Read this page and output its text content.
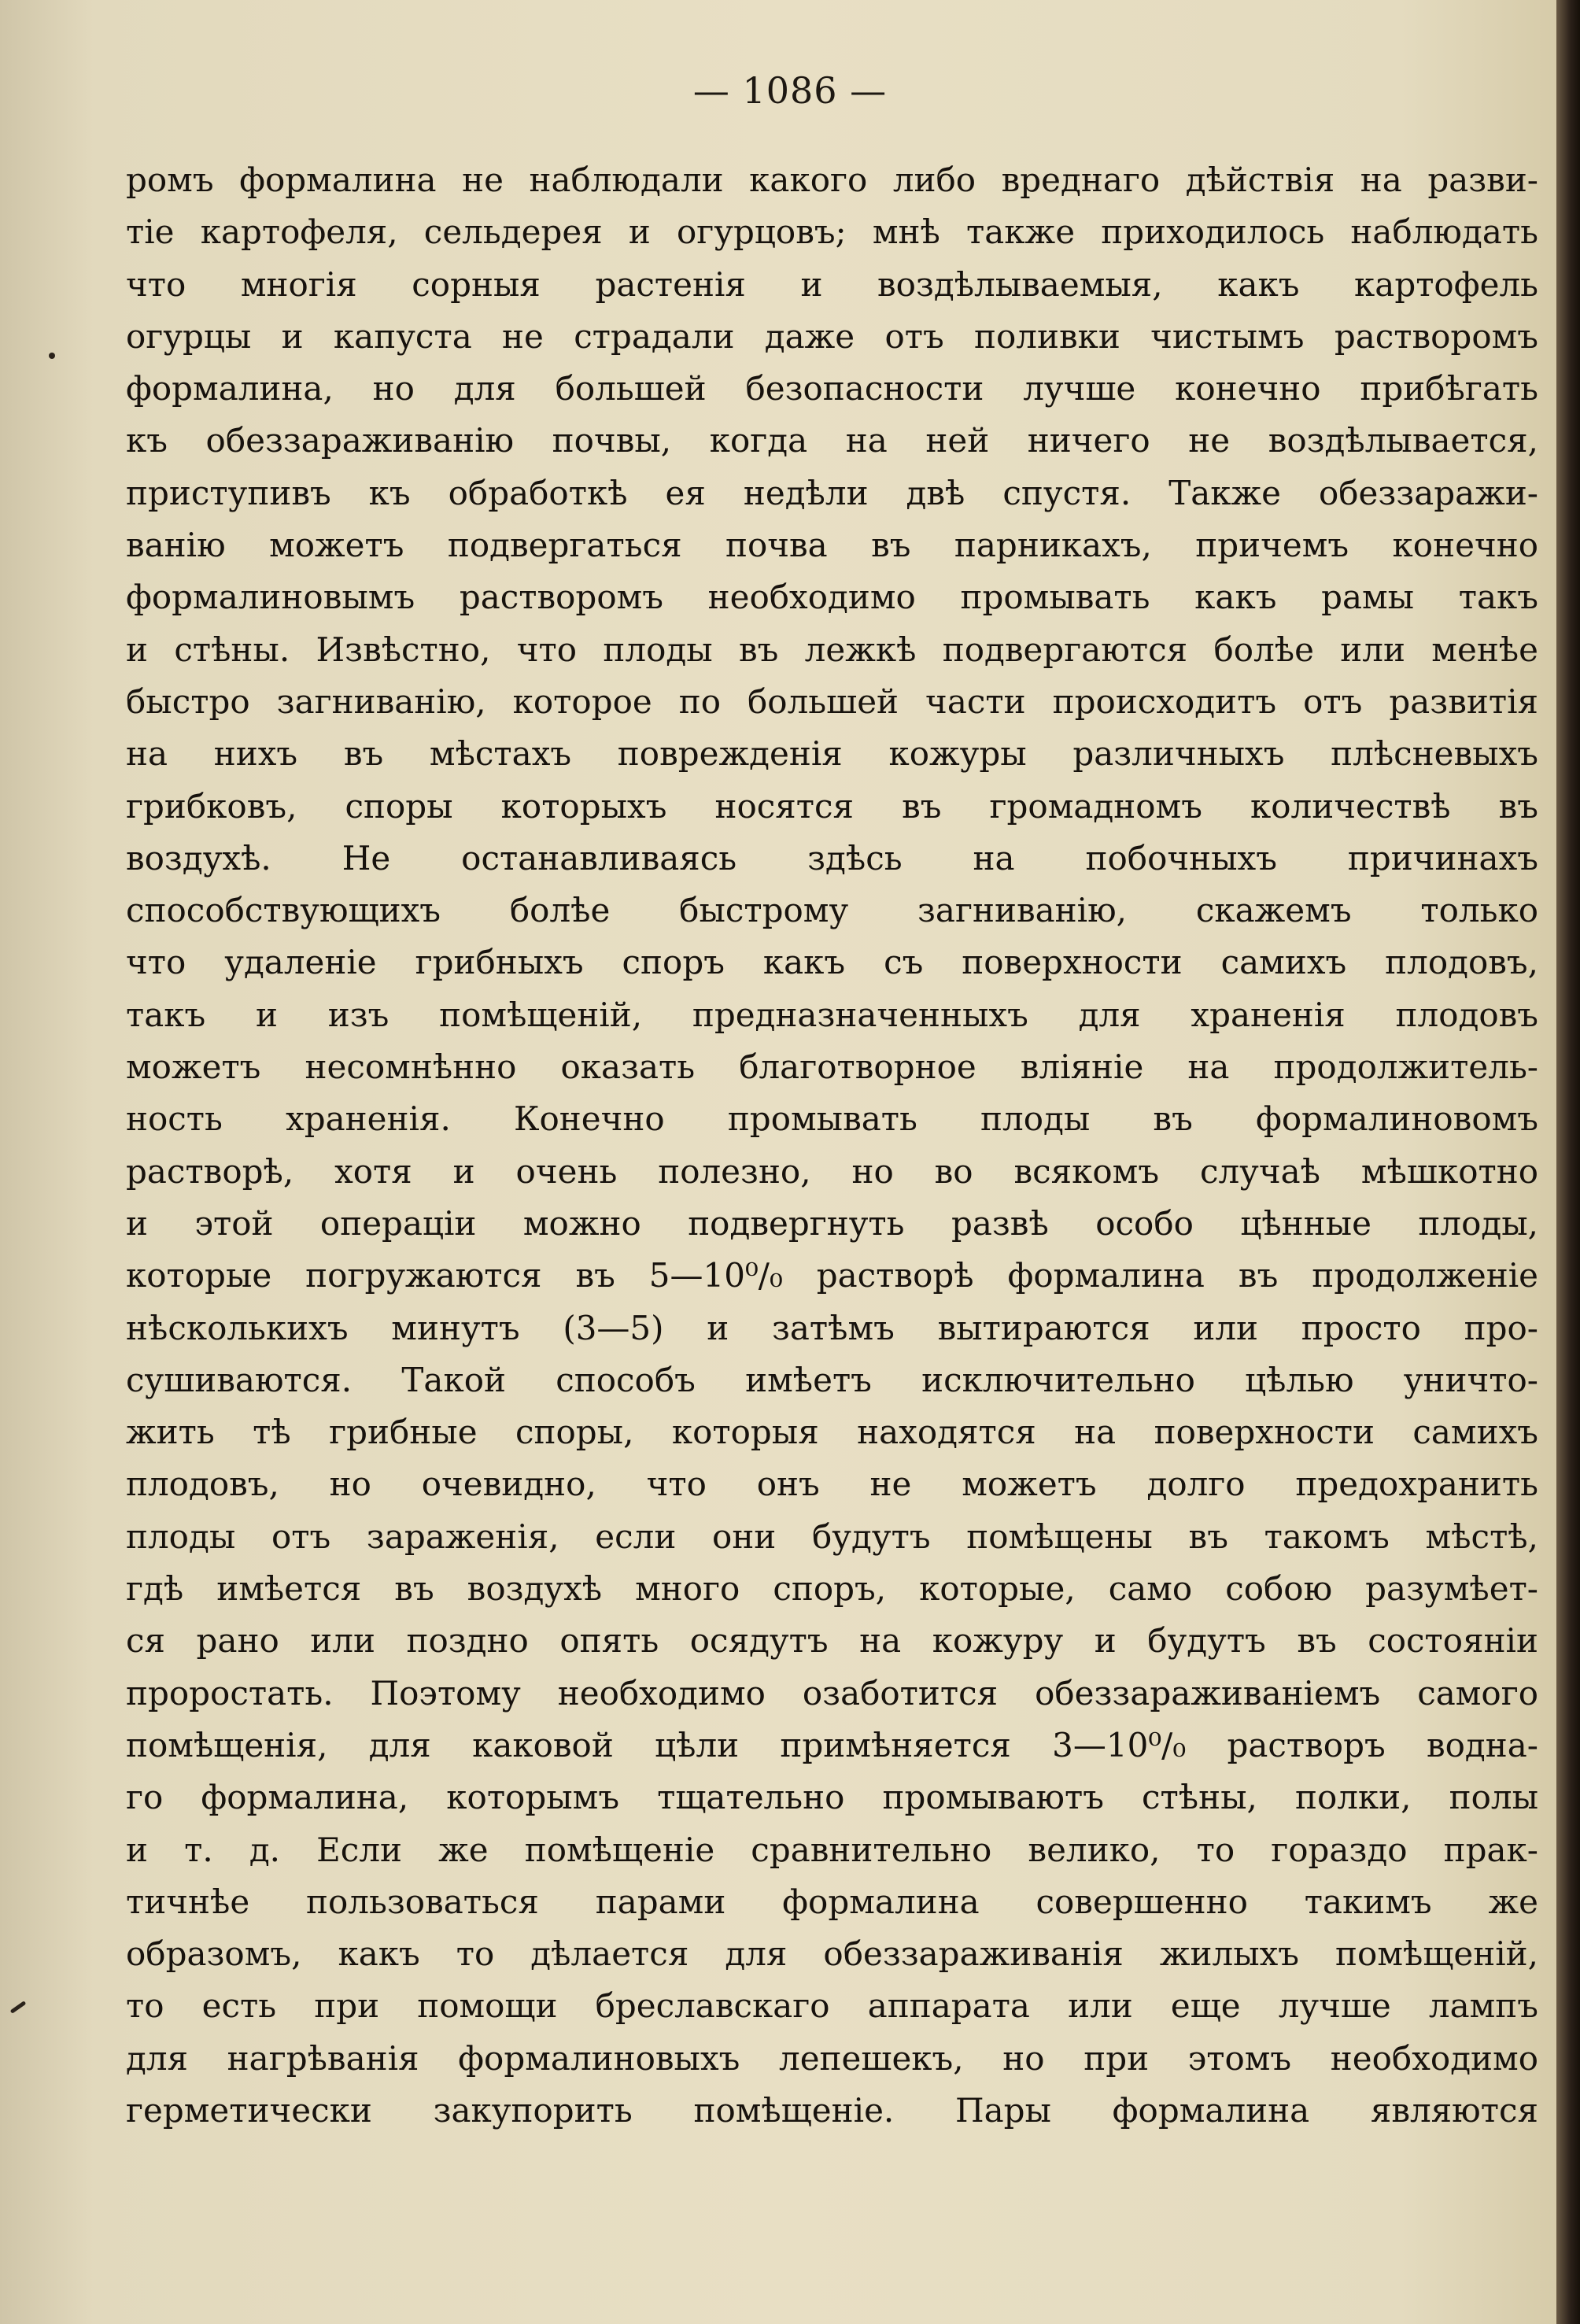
— 1086 —
ромъ формалина не наблюдали какого либо вреднаго дѣйствія на разви-
тіе картофеля, сельдерея и огурцовъ; мнѣ также приходилось наблюдать
что многія сорныя растенія и воздѣлываемыя, какъ картофель
огурцы и капуста не страдали даже отъ поливки чистымъ растворомъ
формалина, но для большей безопасности лучше конечно прибѣгать
къ обеззараживанію почвы, когда на ней ничего не воздѣлывается,
приступивъ къ обработкѣ ея недѣли двѣ спустя. Также обеззаражи-
ванію можетъ подвергаться почва въ парникахъ, причемъ конечно
формалиновымъ растворомъ необходимо промывать какъ рамы такъ
и стѣны. Извѣстно, что плоды въ лежкѣ подвергаются болѣе или менѣе
быстро загниванію, которое по большей части происходитъ отъ развитія
на нихъ въ мѣстахъ поврежденія кожуры различныхъ плѣсневыхъ
грибковъ, споры которыхъ носятся въ громадномъ количествѣ въ
воздухѣ. Не останавливаясь здѣсь на побочныхъ причинахъ
способствующихъ болѣе быстрому загниванію, скажемъ только
что удаленіе грибныхъ споръ какъ съ поверхности самихъ плодовъ,
такъ и изъ помѣщеній, предназначенныхъ для храненія плодовъ
можетъ несомнѣнно оказать благотворное вліяніе на продолжитель-
ность храненія. Конечно промывать плоды въ формалиновомъ
растворѣ, хотя и очень полезно, но во всякомъ случаѣ мѣшкотно
и этой операціи можно подвергнуть развѣ особо цѣнные плоды,
которые погружаются въ 5—10⁰/₀ растворѣ формалина въ продолженіе
нѣсколькихъ минутъ (3—5) и затѣмъ вытираются или просто про-
сушиваются. Такой способъ имѣетъ исключительно цѣлью уничто-
жить тѣ грибные споры, которыя находятся на поверхности самихъ
плодовъ, но очевидно, что онъ не можетъ долго предохранить
плоды отъ зараженія, если они будутъ помѣщены въ такомъ мѣстѣ,
гдѣ имѣется въ воздухѣ много споръ, которые, само собою разумѣет-
ся рано или поздно опять осядутъ на кожуру и будутъ въ состояніи
проростать. Поэтому необходимо озаботится обеззараживаніемъ самого
помѣщенія, для каковой цѣли примѣняется 3—10⁰/₀ растворъ водна-
го формалина, которымъ тщательно промываютъ стѣны, полки, полы
и т. д. Если же помѣщеніе сравнительно велико, то гораздо прак-
тичнѣе пользоваться парами формалина совершенно такимъ же
образомъ, какъ то дѣлается для обеззараживанія жилыхъ помѣщеній,
то есть при помощи бреславскаго аппарата или еще лучше лампъ
для нагрѣванія формалиновыхъ лепешекъ, но при этомъ необходимо
герметически закупорить помѣщеніе. Пары формалина являются
